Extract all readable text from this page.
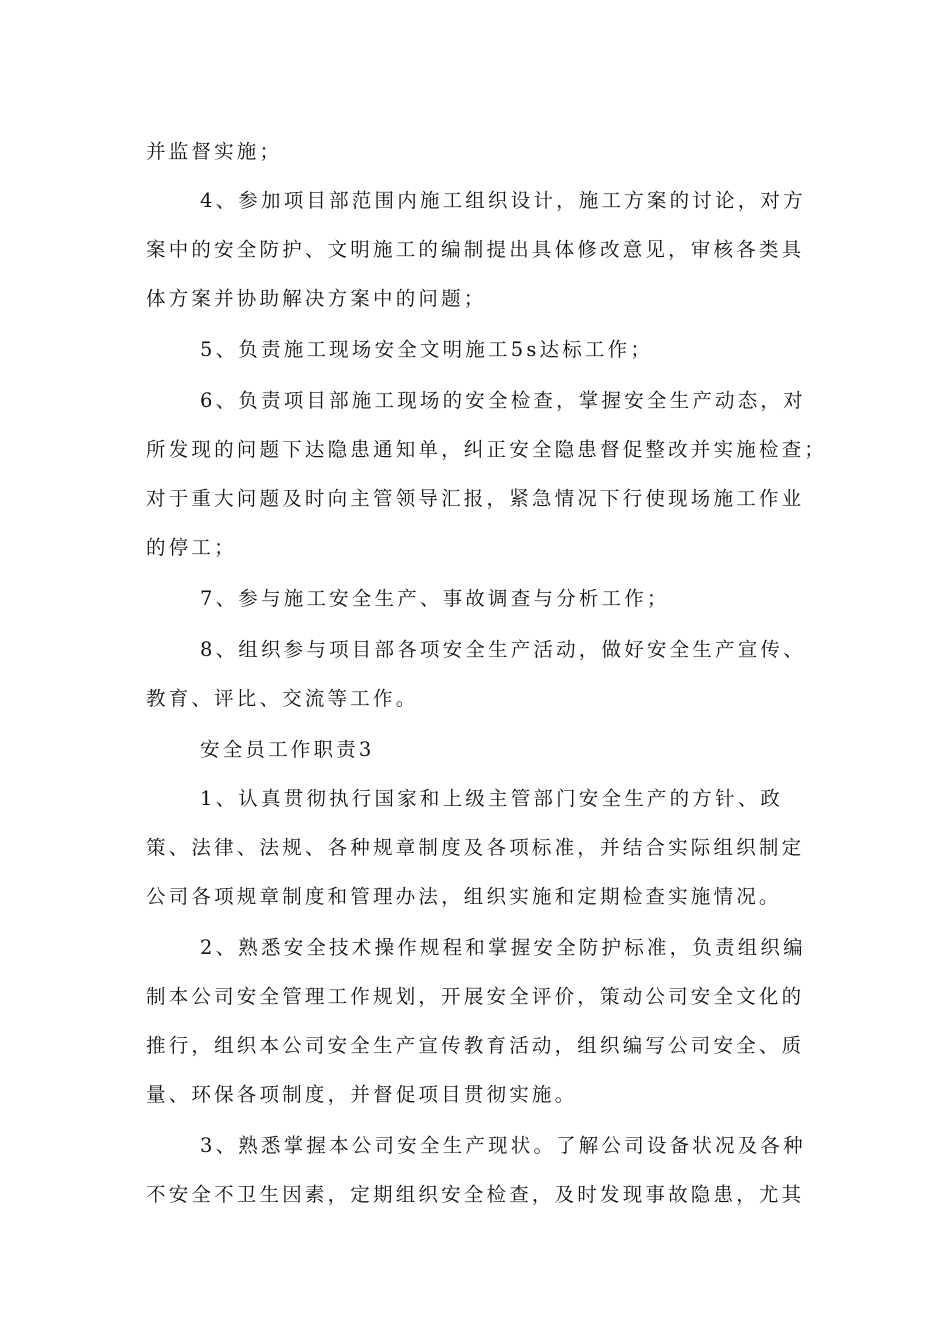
并监督实施；
4、参加项目部范围内施工组织设计，施工方案的讨论，对方
案中的安全防护、文明施工的编制提出具体修改意见，审核各类具
体方案并协助解决方案中的问题；
5、负责施工现场安全文明施工5s达标工作；
6、负责项目部施工现场的安全检查，掌握安全生产动态，对
所发现的问题下达隐患通知单，纠正安全隐患督促整改并实施检查；
对于重大问题及时向主管领导汇报，紧急情况下行使现场施工作业
的停工；
7、参与施工安全生产、事故调查与分析工作；
8、组织参与项目部各项安全生产活动，做好安全生产宣传、
教育、评比、交流等工作。
安全员工作职责3
1、认真贯彻执行国家和上级主管部门安全生产的方针、政
策、法律、法规、各种规章制度及各项标准，并结合实际组织制定
公司各项规章制度和管理办法，组织实施和定期检查实施情况。
2、熟悉安全技术操作规程和掌握安全防护标准，负责组织编
制本公司安全管理工作规划，开展安全评价，策动公司安全文化的
推行，组织本公司安全生产宣传教育活动，组织编写公司安全、质
量、环保各项制度，并督促项目贯彻实施。
3、熟悉掌握本公司安全生产现状。了解公司设备状况及各种
不安全不卫生因素，定期组织安全检查，及时发现事故隐患，尤其
